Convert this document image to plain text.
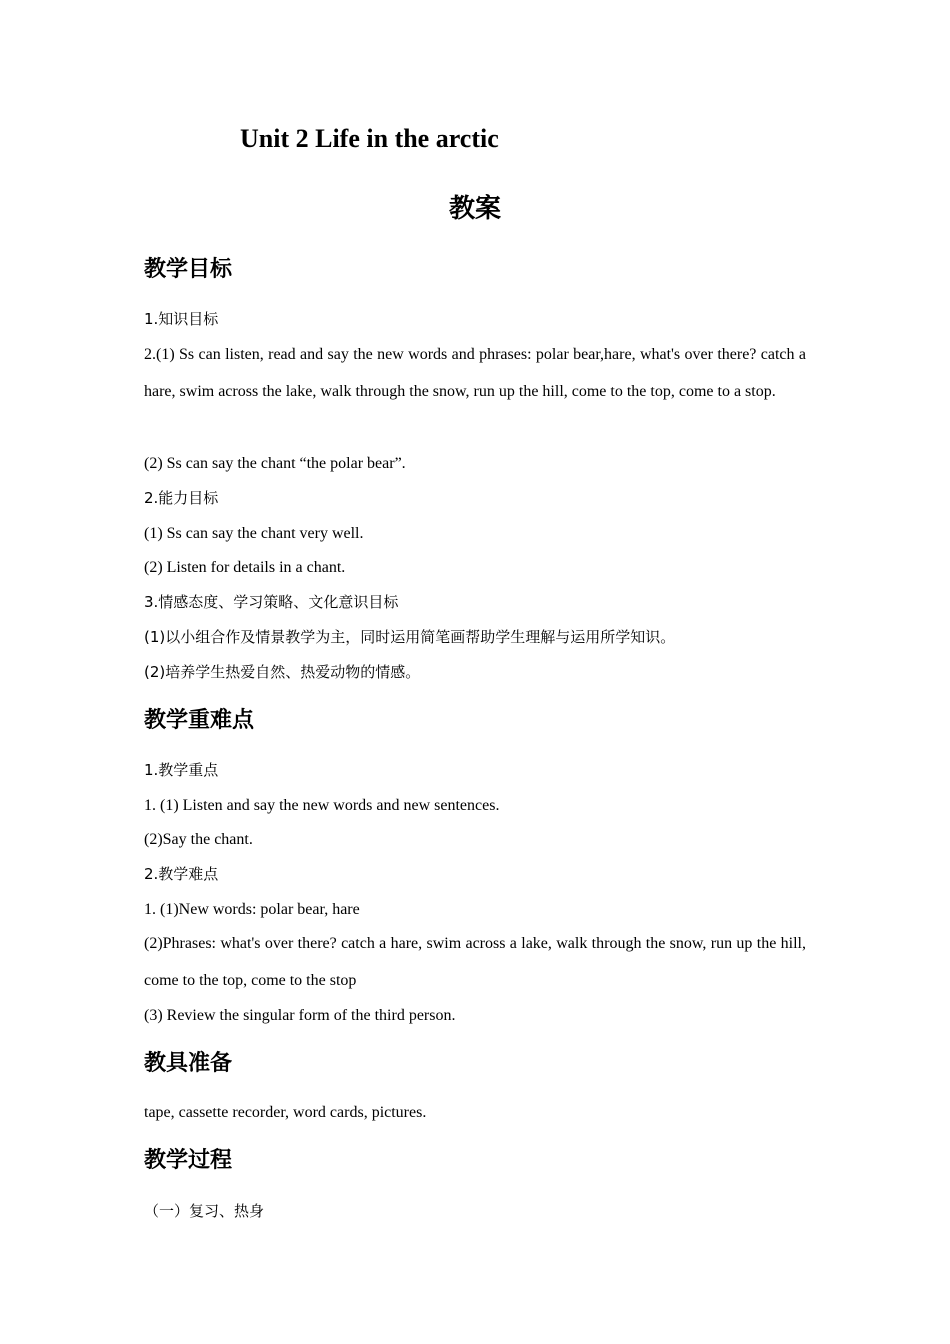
Unit 2 Life in the arctic
教案
教学目标
1.知识目标
2.(1) Ss can listen, read and say the new words and phrases: polar bear,hare, what's over there? catch a hare, swim across the lake, walk through the snow, run up the hill, come to the top, come to a stop.
(2) Ss can say the chant “the polar bear”.
2.能力目标
(1) Ss can say the chant very well.
(2) Listen for details in a chant.
3.情感态度、学习策略、文化意识目标
(1)以小组合作及情景教学为主，同时运用简笔画帮助学生理解与运用所学知识。
(2)培养学生热爱自然、热爱动物的情感。
教学重难点
1.教学重点
1. (1) Listen and say the new words and new sentences.
(2)Say the chant.
2.教学难点
1. (1)New words: polar bear, hare
(2)Phrases: what's over there? catch a hare, swim across a lake, walk through the snow, run up the hill, come to the top, come to the stop
(3) Review the singular form of the third person.
教具准备
tape, cassette recorder, word cards, pictures.
教学过程
（一）复习、热身
